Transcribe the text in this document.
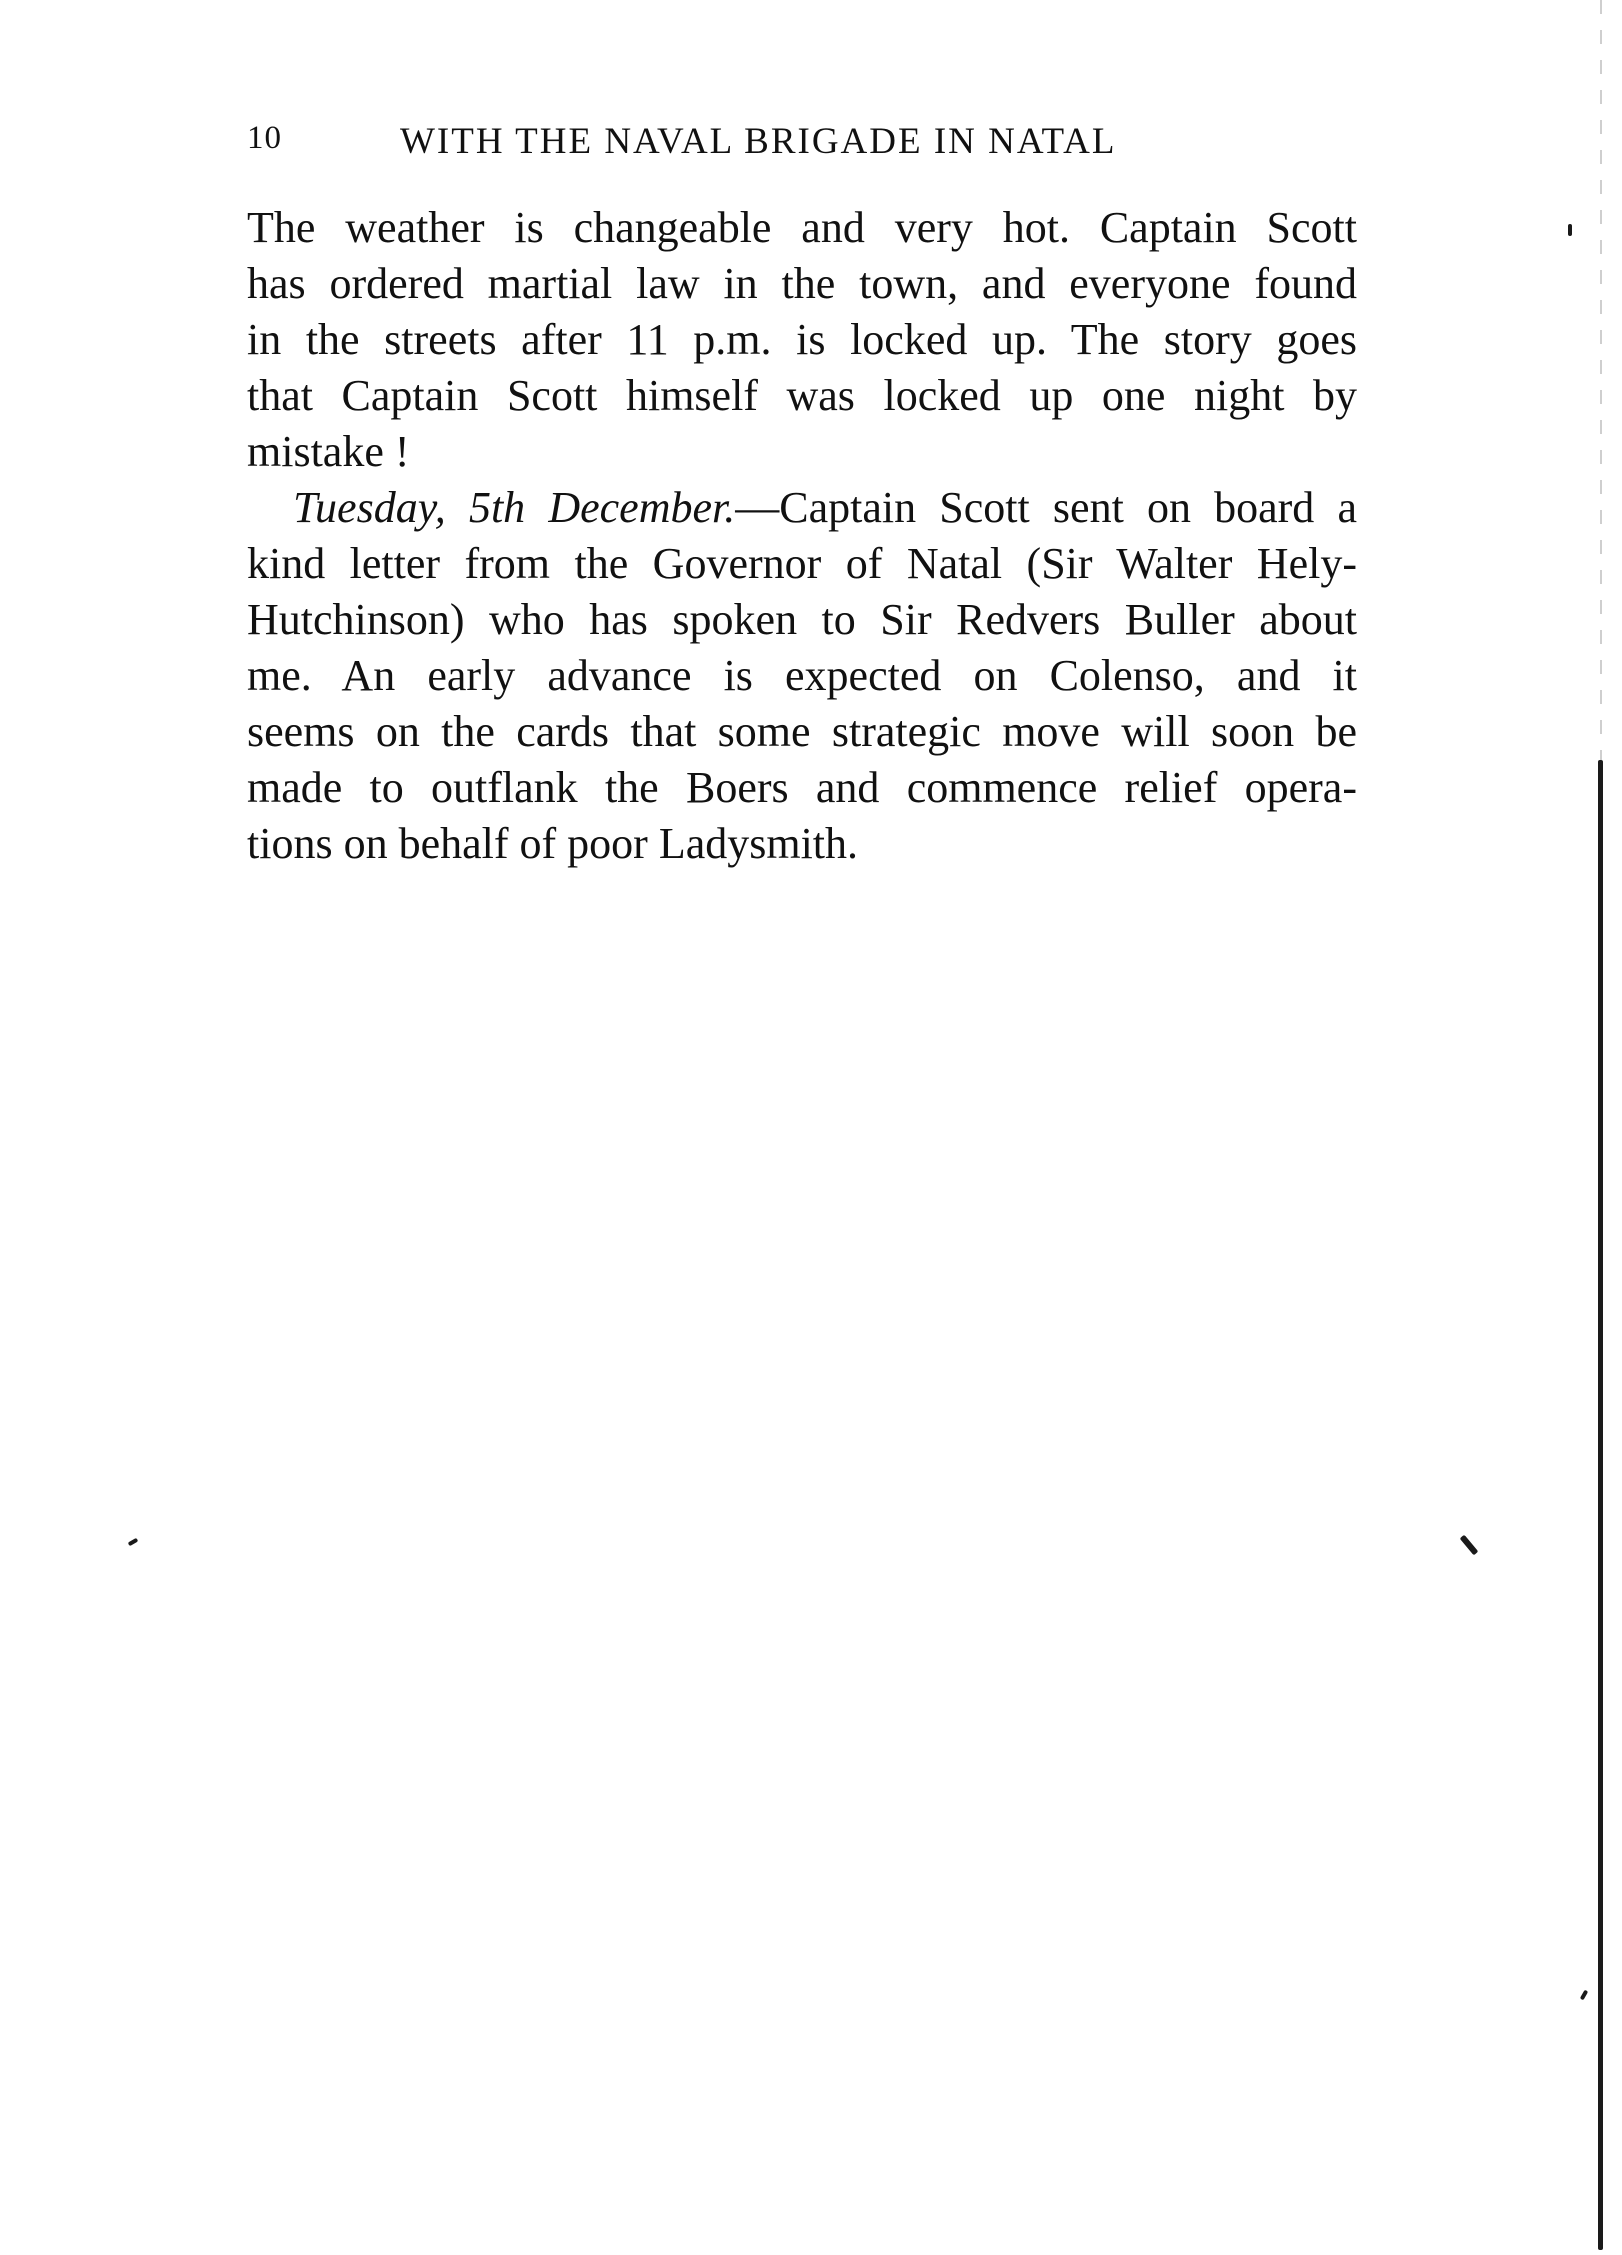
10	WITH THE NAVAL BRIGADE IN NATAL
The weather is changeable and very hot. Captain Scott
has ordered martial law in the town, and everyone found
in the streets after 11 p.m. is locked up. The story goes
that Captain Scott himself was locked up one night by
mistake !
Tuesday, 5th December.—Captain Scott sent on board a
kind letter from the Governor of Natal (Sir Walter Hely-
Hutchinson) who has spoken to Sir Redvers Buller about
me. An early advance is expected on Colenso, and it
seems on the cards that some strategic move will soon be
made to outflank the Boers and commence relief opera-
tions on behalf of poor Ladysmith.
